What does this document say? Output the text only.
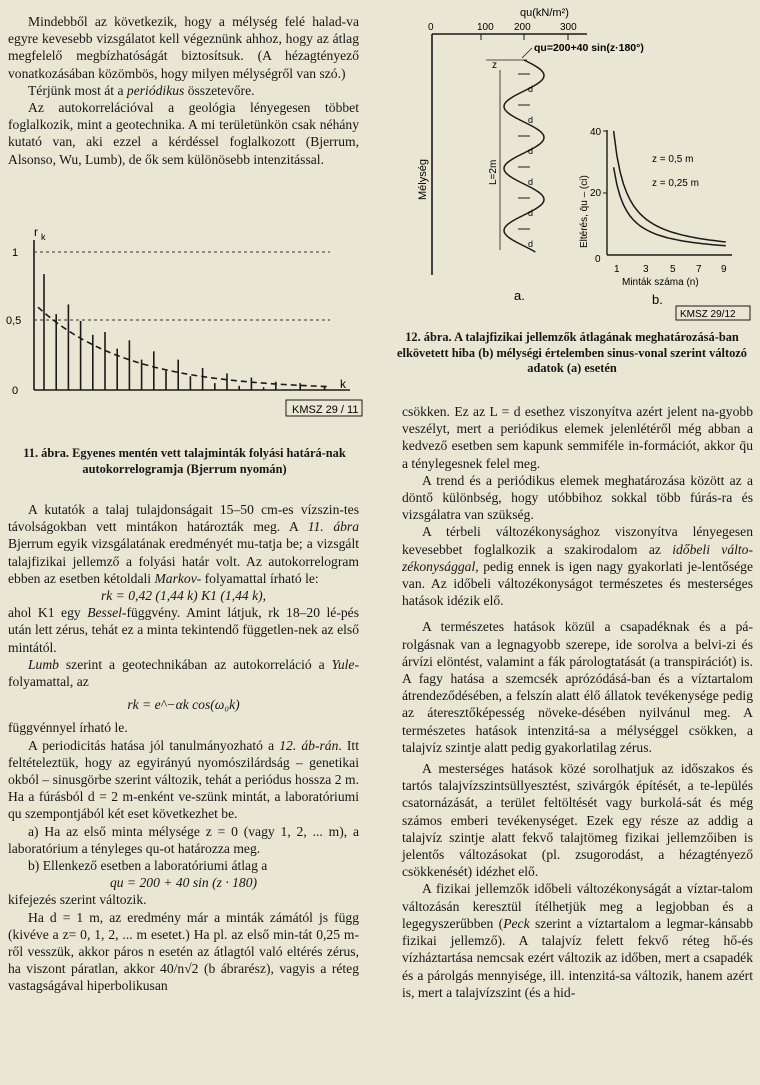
Mindebből az következik, hogy a mélység felé halad-va egyre kevesebb vizsgálatot kell végeznünk ahhoz, hogy az átlag megfelelő megbízhatóságát biztosítsuk. (A hézagtényező vonatkozásában közömbös, hogy milyen mélységről van szó.)

Térjünk most át a periódikus összetevőre.

Az autokorrelációval a geológia lényegesen többet foglalkozik, mint a geotechnika. A mi területünkön csak néhány kutató van, aki ezzel a kérdéssel foglalkozott (Bjerrum, Alsonso, Wu, Lumb), de ők sem különösebb intenzitással.

r k
1
0,5
0	k
KMSZ 29 / 11

11. ábra. Egyenes mentén vett talajminták folyási határá-nak autokorrelogramja (Bjerrum nyomán)

A kutatók a talaj tulajdonságait 15–50 cm-es vízszin-tes távolságokban vett mintákon határozták meg. A 11. ábra Bjerrum egyik vizsgálatának eredményét mu-tatja be; a vizsgált talajfizikai jellemző a folyási határ volt. Az autokorrelogram ebben az esetben kétoldali Markov- folyamattal írható le:

rk = 0,42 (1,44 k) K1 (1,44 k),

ahol K1 egy Bessel-függvény. Amint látjuk, rk 18–20 lé-pés után lett zérus, tehát ez a minta tekintendő független-nek az első mintától.

Lumb szerint a geotechnikában az autokorreláció a Yule-folyamattal, az

rk = e^−αk cos(ω₀k)

függvénnyel írható le.

A periodicitás hatása jól tanulmányozható a 12. áb-rán. Itt feltételeztük, hogy az egyirányú nyomószilárdság – genetikai okból – sinusgörbe szerint változik, tehát a periódus hossza 2 m. Ha a fúrásból d = 2 m-enként ve-szünk mintát, a laboratóriumi qu szempontjából két eset következhet be.

a) Ha az első minta mélysége z = 0 (vagy 1, 2, ... m), a laboratórium a tényleges qu-ot határozza meg.

b) Ellenkező esetben a laboratóriumi átlag a

qu = 200 + 40 sin (z · 180)

kifejezés szerint változik.

Ha d = 1 m, az eredmény már a minták zámától js függ (kivéve a z= 0, 1, 2, ... m esetet.) Ha pl. az első min-tát 0,25 m-ről vesszük, akkor páros n esetén az átlagtól való eltérés zérus, ha viszont páratlan, akkor 40/n√2 (b ábrarész), vagyis a réteg vastagságával hiperbolikusan

qu(kN/m²)
0	100 200	300
Mélység
qu=200+40 sin(z·180°)
z
L=2m
d
d
d
d
d
d
a.
40
20
0
Eltérés, q̄u – (ci)
1 3 5 7 9
Minták száma (n)
z = 0,5 m
z = 0,25 m
b.
KMSZ 29/12

12. ábra. A talajfizikai jellemzők átlagának meghatározásá-ban elkövetett hiba (b) mélységi értelemben sinus-vonal szerint változó adatok (a) esetén

csökken. Ez az L = d esethez viszonyítva azért jelent na-gyobb veszélyt, mert a periódikus elemek jelenlétéről még abban a kedvező esetben sem kapunk semmiféle in-formációt, akkor q̄u a ténylegesnek felel meg.

A trend és a periódikus elemek meghatározása között az a döntő különbség, hogy utóbbihoz sokkal több fúrás-ra és vizsgálatra van szükség.

A térbeli változékonysághoz viszonyítva lényegesen kevesebbet foglalkozik a szakirodalom az időbeli válto-zékonysággal, pedig ennek is igen nagy gyakorlati je-lentősége van. Az időbeli változékonyságot természetes és mesterséges hatások idézik elő.

A természetes hatások közül a csapadéknak és a pá-rolgásnak van a legnagyobb szerepe, ide sorolva a belvi-zi és árvízi elöntést, valamint a fák párologtatását (a transpirációt) is. A fagy hatása a szemcsék aprózódásá-ban és a víztartalom átrendeződésében, a felszín alatt élő állatok tevékenysége pedig az áteresztőképesség növeke-désében nyilvánul meg. A természetes hatások intenzitá-sa a mélységgel csökken, a talajvíz szintje alatt pedig gyakorlatilag zérus.

A mesterséges hatások közé sorolhatjuk az időszakos és tartós talajvízszintsüllyesztést, szivárgók építését, a te-lepülés csatornázását, a terület feltöltését vagy burkolá-sát és még számos emberi tevékenységet. Ezek egy része az addig a talajvíz szintje alatt fekvő talajtömeg fizikai jellemzőiben is jelentős változásokat (pl. zsugorodást, a hézagtényező csökkenését) idézhet elő.

A fizikai jellemzők időbeli változékonyságát a víztar-talom változásán keresztül ítélhetjük meg a legjobban és a legegyszerűbben (Peck szerint a víztartalom a legmar-kánsabb fizikai jellemző). A talajvíz felett fekvő réteg hő-és vízháztartása nemcsak ezért változik az időben, mert a csapadék és a párolgás mennyisége, ill. intenzitá-sa változik, hanem azért is, mert a talajvízszint (és a hid-
